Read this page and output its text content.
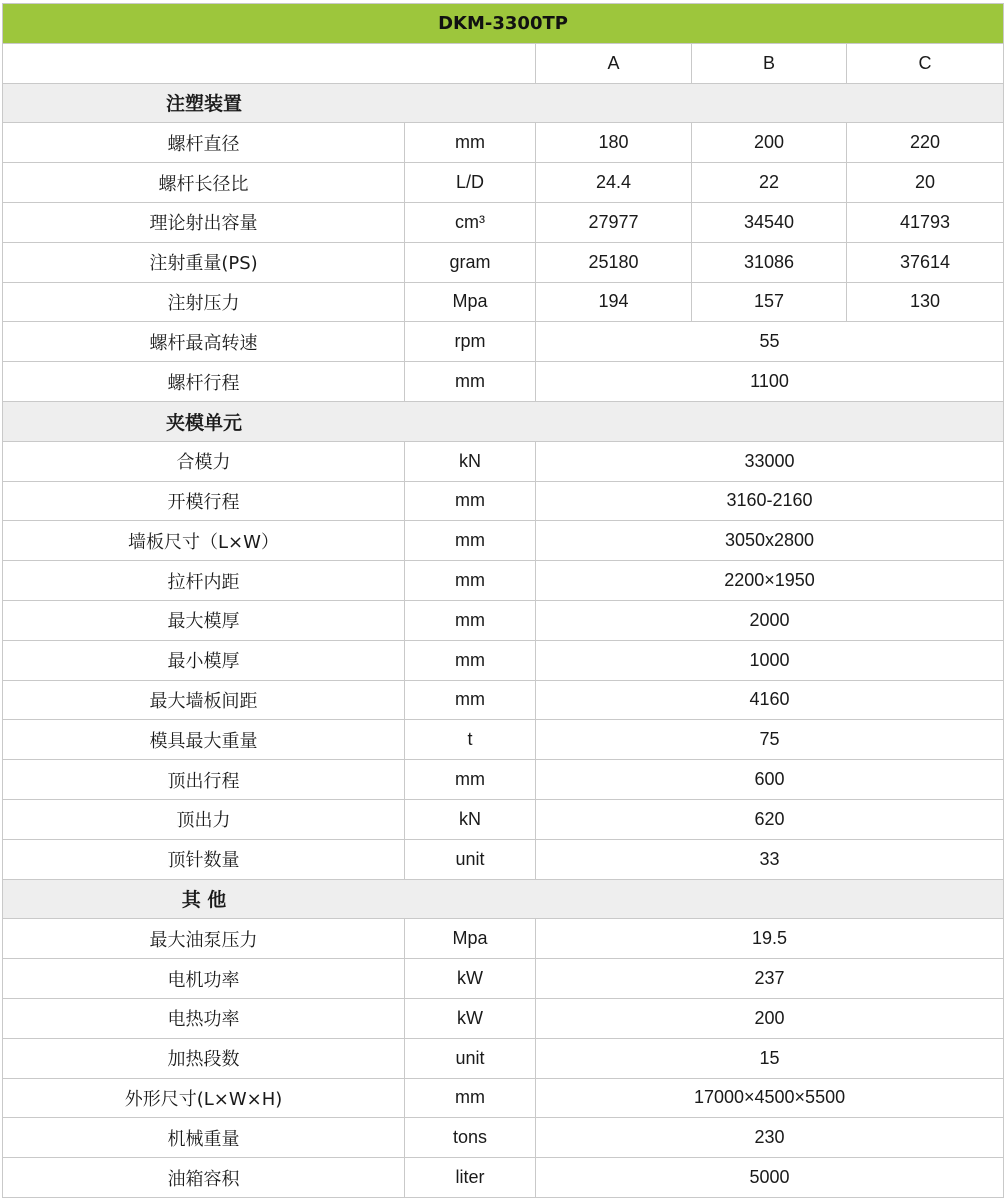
DKM-3300TP				
		A	B	C
注塑装置				
螺杆直径	mm	180	200	220
螺杆长径比	L/D	24.4	22	20
理论射出容量	cm³	27977	34540	41793
注射重量(PS)	gram	25180	31086	37614
注射压力	Mpa	194	157	130
螺杆最高转速	rpm	55		
螺杆行程	mm	1100		
夹模单元				
合模力	kN	33000		
开模行程	mm	3160-2160		
墙板尺寸（L×W）	mm	3050x2800		
拉杆内距	mm	2200×1950		
最大模厚	mm	2000		
最小模厚	mm	1000		
最大墙板间距	mm	4160		
模具最大重量	t	75		
顶出行程	mm	600		
顶出力	kN	620		
顶针数量	unit	33		
其 他				
最大油泵压力	Mpa	19.5		
电机功率	kW	237		
电热功率	kW	200		
加热段数	unit	15		
外形尺寸(L×W×H)	mm	17000×4500×5500		
机械重量	tons	230		
油箱容积	liter	5000		
